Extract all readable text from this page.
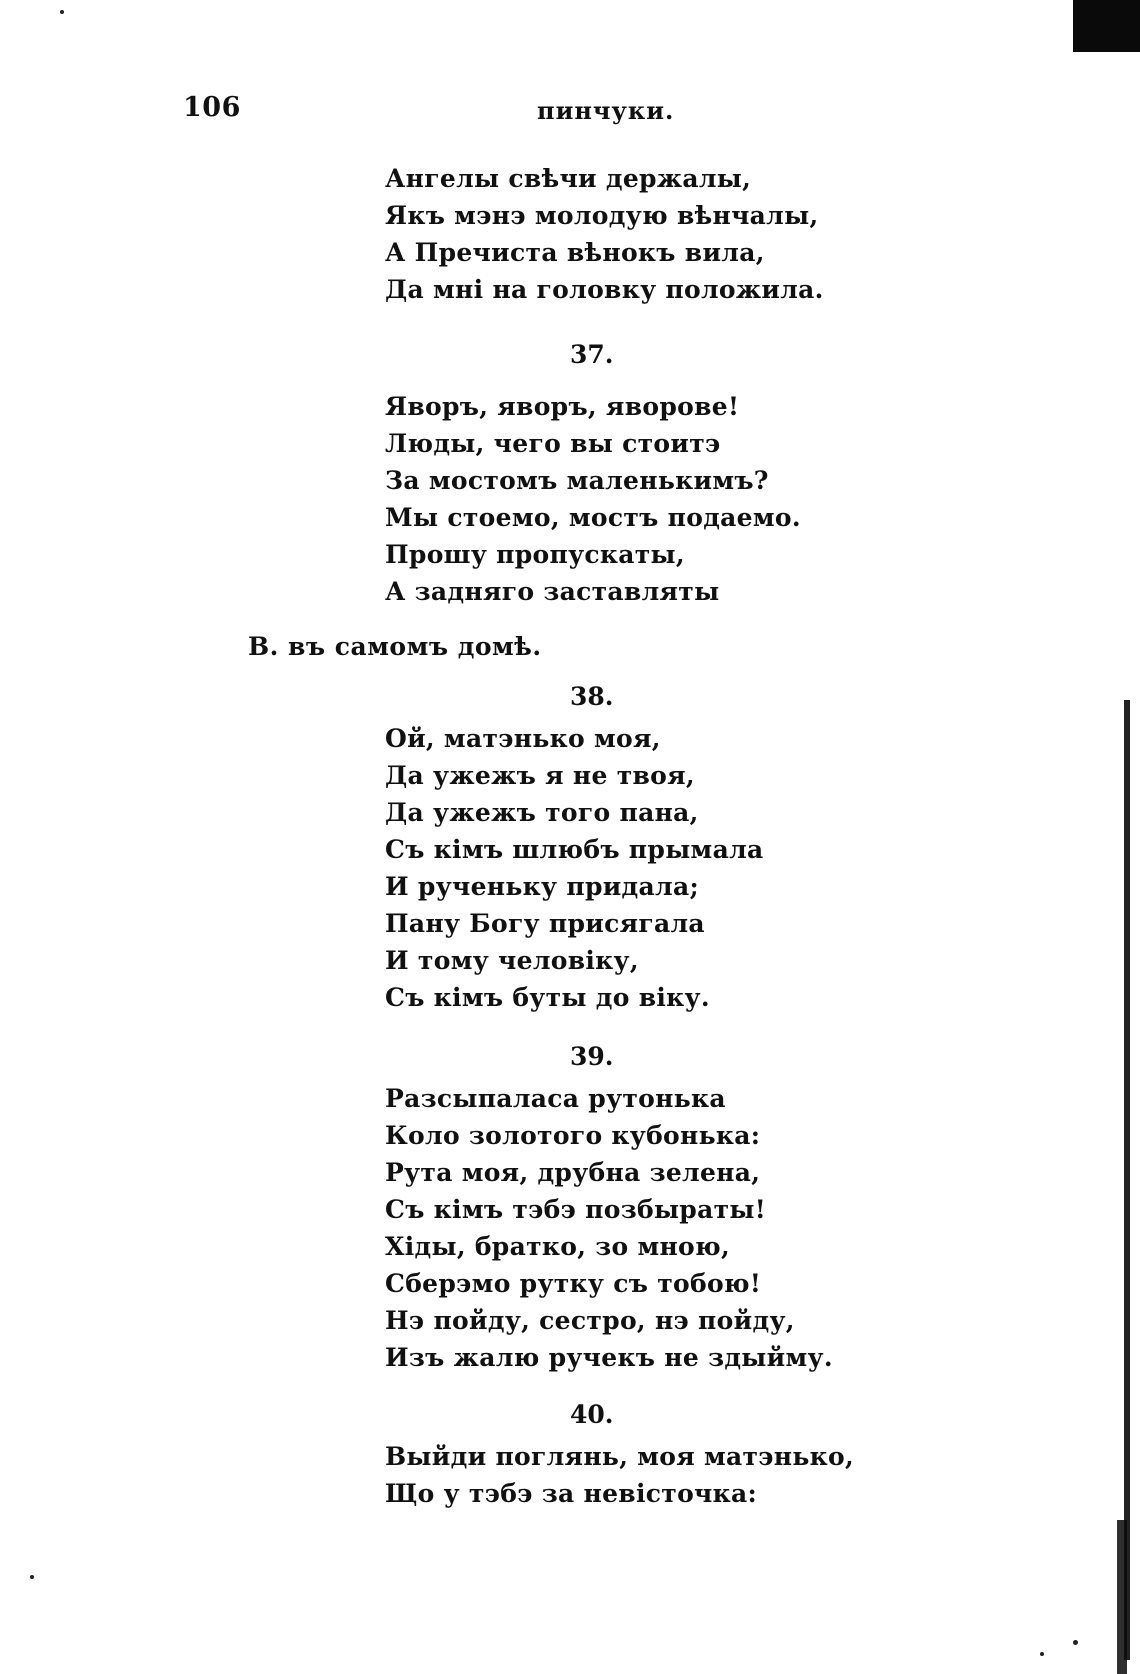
106	пинчуки.
Ангелы свѣчи держалы,
Якъ мэнэ молодую вѣнчалы,
А Пречиста вѣнокъ вила,
Да мні на головку положила.
37.
Яворъ, яворъ, яворове!
Люды, чего вы стоитэ
За мостомъ маленькимъ?
Мы стоемо, мостъ подаемо.
Прошу пропускаты,
А задняго заставляты
В. въ самомъ домѣ.
38.
Ой, матэнько моя,
Да ужежъ я не твоя,
Да ужежъ того пана,
Съ кімъ шлюбъ прымала
И рученьку придала;
Пану Богу присягала
И тому человіку,
Съ кімъ буты до віку.
39.
Разсыпаласа рутонька
Коло золотого кубонька:
Рута моя, друбна зелена,
Съ кімъ тэбэ позбыраты!
Хіды, братко, зо мною,
Сберэмо рутку съ тобою!
Нэ пойду, сестро, нэ пойду,
Изъ жалю ручекъ не здыйму.
40.
Выйди поглянь, моя матэнько,
Що у тэбэ за невісточка:
